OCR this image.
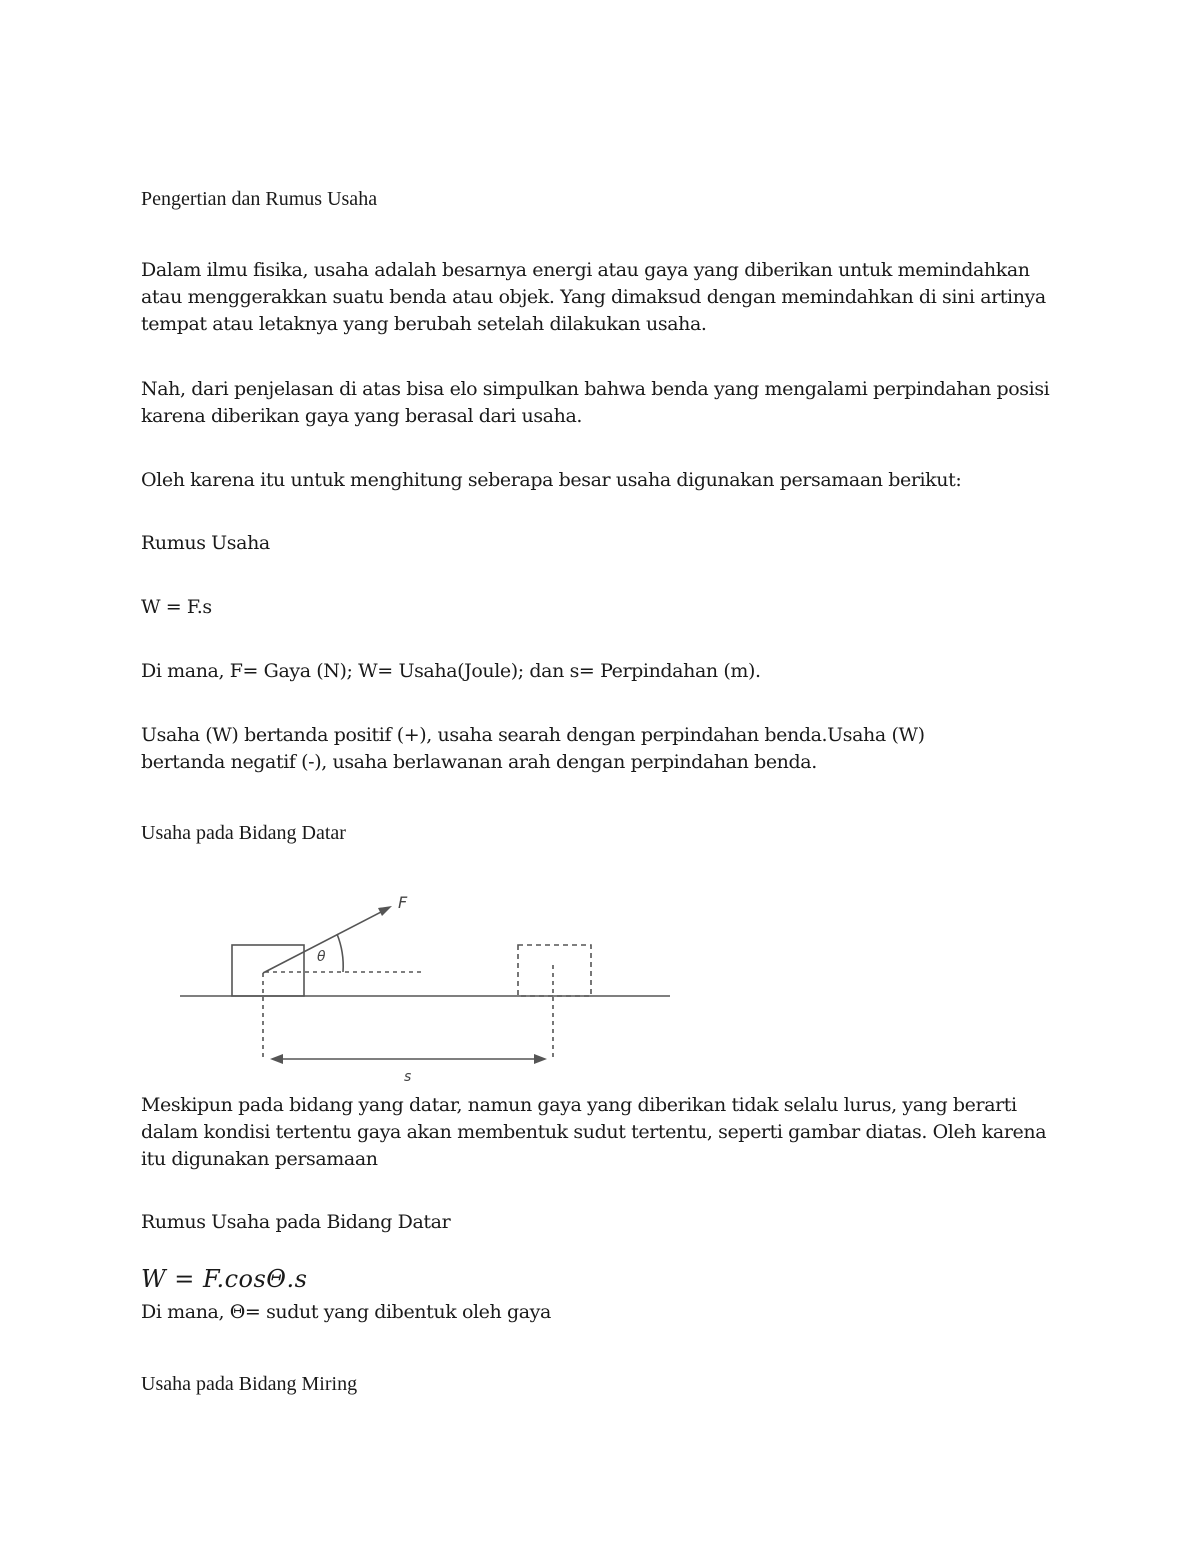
Pengertian dan Rumus Usaha

Dalam ilmu fisika, usaha adalah besarnya energi atau gaya yang diberikan untuk memindahkan
atau menggerakkan suatu benda atau objek. Yang dimaksud dengan memindahkan di sini artinya
tempat atau letaknya yang berubah setelah dilakukan usaha.

Nah, dari penjelasan di atas bisa elo simpulkan bahwa benda yang mengalami perpindahan posisi
karena diberikan gaya yang berasal dari usaha.

Oleh karena itu untuk menghitung seberapa besar usaha digunakan persamaan berikut:

Rumus Usaha

W = F.s

Di mana, F= Gaya (N); W= Usaha(Joule); dan s= Perpindahan (m).

Usaha (W) bertanda positif (+), usaha searah dengan perpindahan benda.Usaha (W)
bertanda negatif (-), usaha berlawanan arah dengan perpindahan benda.

Usaha pada Bidang Datar

F
θ
s

Meskipun pada bidang yang datar, namun gaya yang diberikan tidak selalu lurus, yang berarti
dalam kondisi tertentu gaya akan membentuk sudut tertentu, seperti gambar diatas. Oleh karena
itu digunakan persamaan

Rumus Usaha pada Bidang Datar

W = F.cosΘ.s

Di mana, Θ= sudut yang dibentuk oleh gaya

Usaha pada Bidang Miring
